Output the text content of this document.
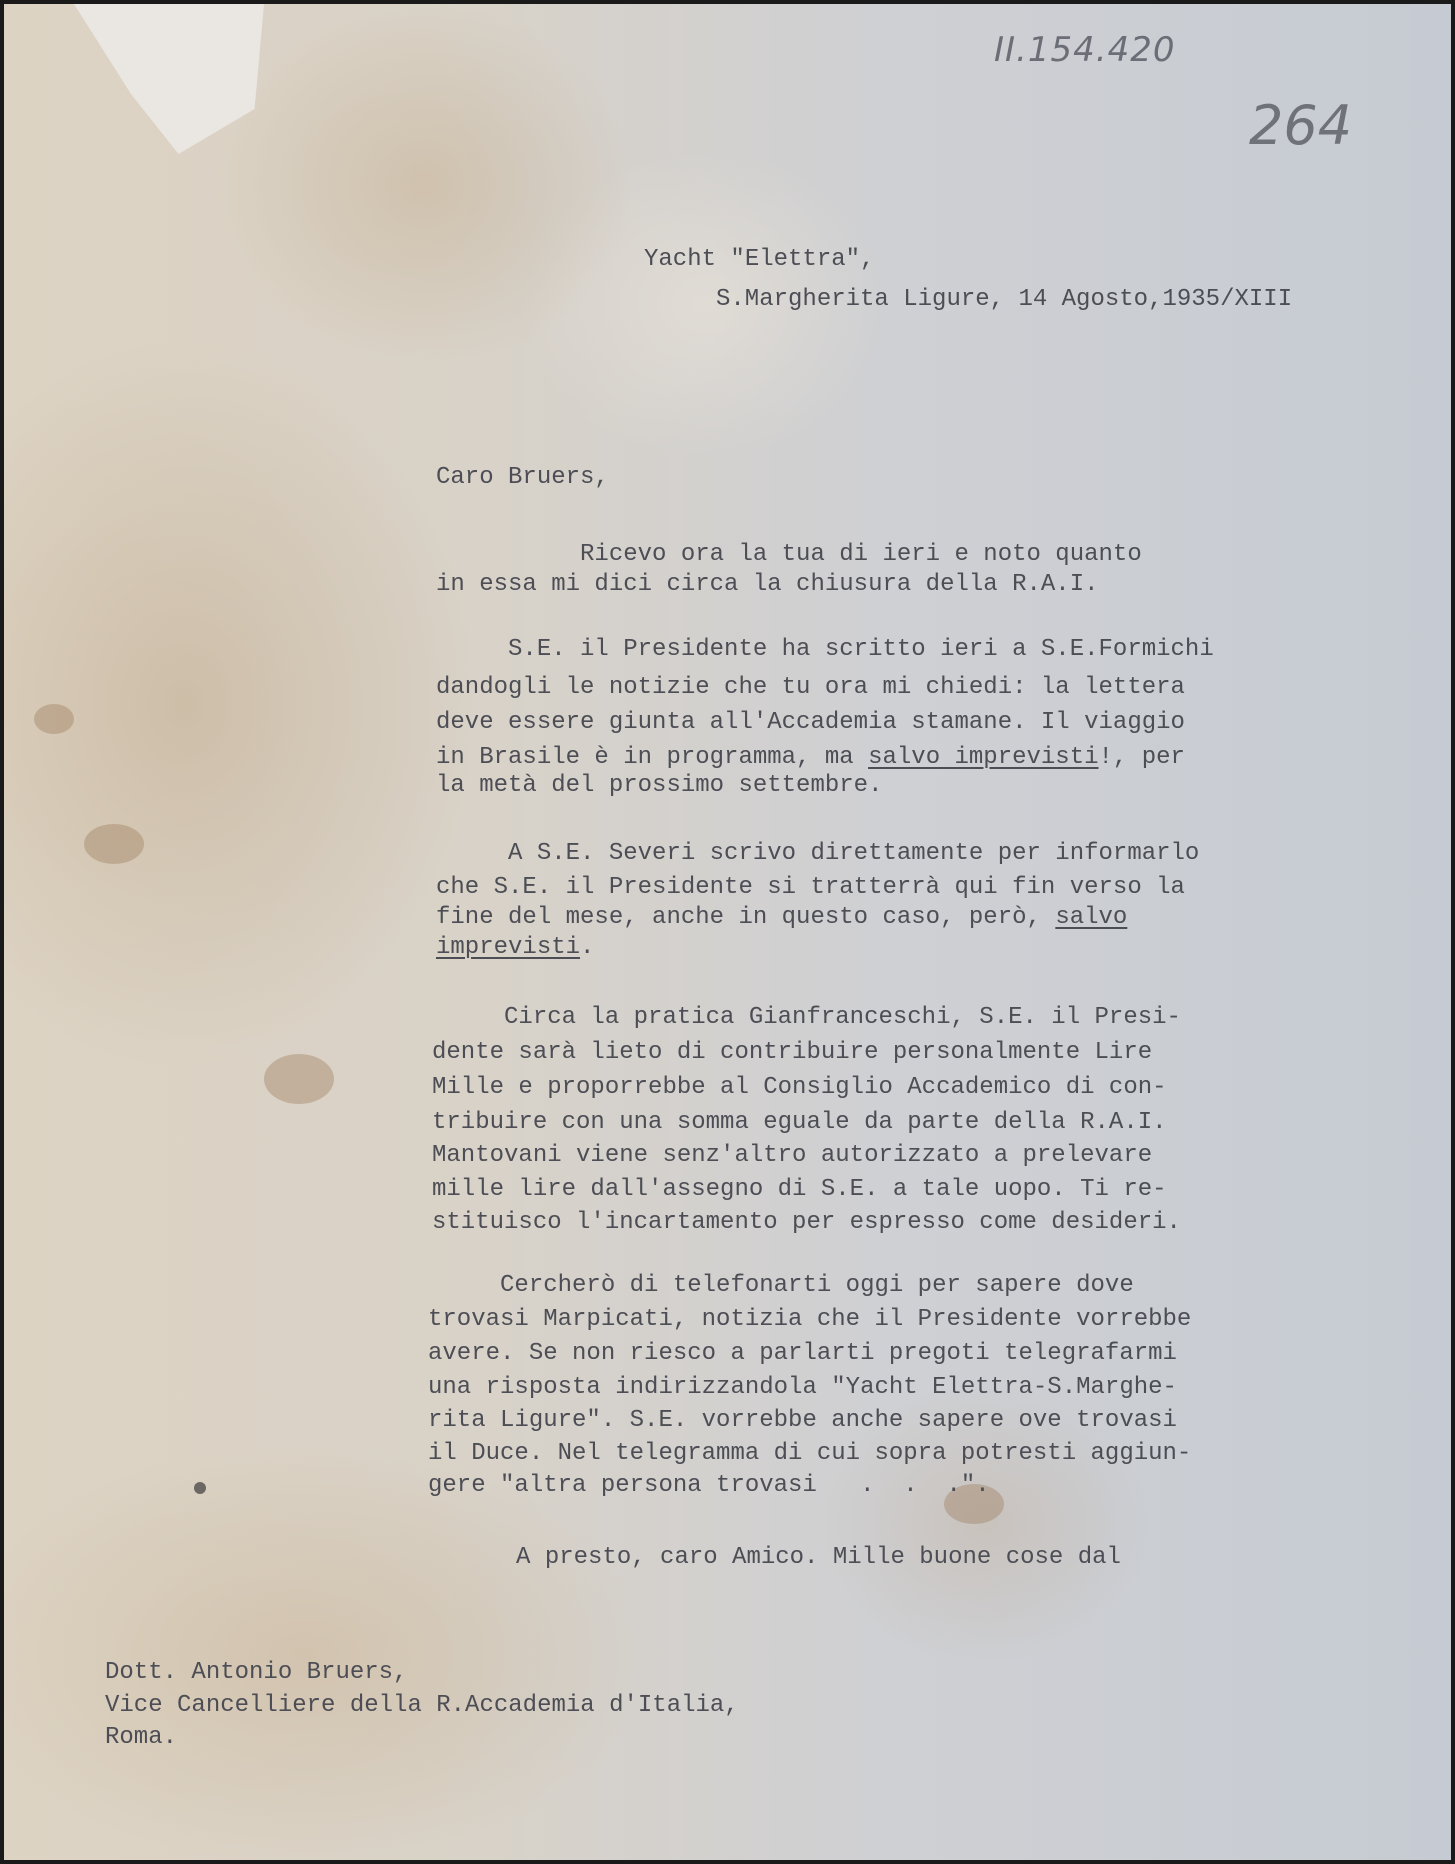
II.154.420
264
Yacht "Elettra",
S.Margherita Ligure, 14 Agosto,1935/XIII
Caro Bruers,
Ricevo ora la tua di ieri e noto quanto
in essa mi dici circa la chiusura della R.A.I.
S.E. il Presidente ha scritto ieri a S.E.Formichi
dandogli le notizie che tu ora mi chiedi: la lettera
deve essere giunta all'Accademia stamane. Il viaggio
in Brasile è in programma, ma salvo imprevisti!, per
la metà del prossimo settembre.
A S.E. Severi scrivo direttamente per informarlo
che S.E. il Presidente si tratterrà qui fin verso la
fine del mese, anche in questo caso, però, salvo
imprevisti.
Circa la pratica Gianfranceschi, S.E. il Presi-
dente sarà lieto di contribuire personalmente Lire
Mille e proporrebbe al Consiglio Accademico di con-
tribuire con una somma eguale da parte della R.A.I.
Mantovani viene senz'altro autorizzato a prelevare
mille lire dall'assegno di S.E. a tale uopo. Ti re-
stituisco l'incartamento per espresso come desideri.
Cercherò di telefonarti oggi per sapere dove
trovasi Marpicati, notizia che il Presidente vorrebbe
avere. Se non riesco a parlarti pregoti telegrafarmi
una risposta indirizzandola "Yacht Elettra-S.Marghe-
rita Ligure". S.E. vorrebbe anche sapere ove trovasi
il Duce. Nel telegramma di cui sopra potresti aggiun-
gere "altra persona trovasi   .  .  .".
A presto, caro Amico. Mille buone cose dal
Dott. Antonio Bruers,
Vice Cancelliere della R.Accademia d'Italia,
Roma.
